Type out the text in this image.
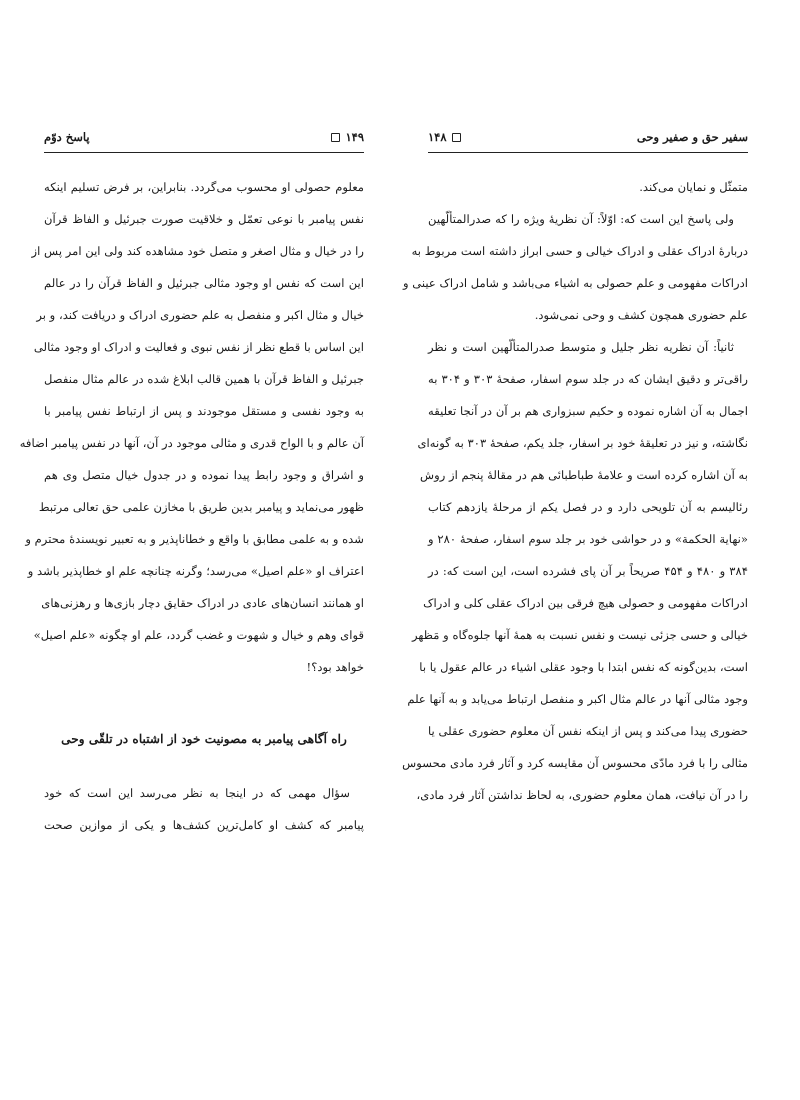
۱۴۸	سفیر حق و صفیر وحی
متمثّل و نمایان می‌کند.
ولی پاسخ این است که: اوّلاً: آن نظریهٔ ویژه را که صدرالمتألّهین
دربارهٔ ادراک عقلی و ادراک خیالی و حسی ابراز داشته است مربوط به
ادراکات مفهومی و علم حصولی به اشیاء می‌باشد و شامل ادراک عینی و
علم حضوری همچون کشف و وحی نمی‌شود.
ثانیاً: آن نظریه نظر جلیل و متوسط صدرالمتألّهین است و نظر
راقی‌تر و دقیق ایشان که در جلد سوم اسفار، صفحهٔ ۳۰۳ و ۳۰۴ به
اجمال به آن اشاره نموده و حکیم سبزواری هم بر آن در آنجا تعلیقه
نگاشته، و نیز در تعلیقهٔ خود بر اسفار، جلد یکم، صفحهٔ ۳۰۳ به گونه‌ای
به آن اشاره کرده است و علامهٔ طباطبائی هم در مقالهٔ پنجم از روش
رئالیسم به آن تلویحی دارد و در فصل یکم از مرحلهٔ یازدهم کتاب
«نهایة الحکمة» و در حواشی خود بر جلد سوم اسفار، صفحهٔ ۲۸۰ و
۳۸۴ و ۴۸۰ و ۴۵۴ صریحاً بر آن پای فشرده است، این است که: در
ادراکات مفهومی و حصولی هیچ فرقی بین ادراک عقلی کلی و ادراک
خیالی و حسی جزئی نیست و نفس نسبت به همهٔ آنها جلوه‌گاه و مَظهر
است، بدین‌گونه که نفس ابتدا با وجود عقلی اشیاء در عالم عقول یا با
وجود مثالی آنها در عالم مثال اکبر و منفصل ارتباط می‌یابد و به آنها علم
حضوری پیدا می‌کند و پس از اینکه نفس آن معلوم حضوری عقلی یا
مثالی را با فرد مادّی محسوس آن مقایسه کرد و آثار فرد مادی محسوس
را در آن نیافت، همان معلوم حضوری، به لحاظ نداشتن آثار فرد مادی،
۱۴۹
پاسخ دوّم
معلوم حصولی او محسوب می‌گردد. بنابراین، بر فرض تسلیم اینکه
نفس پیامبر با نوعی تعمّل و خلاقیت صورت جبرئیل و الفاظ قرآن
را در خیال و مثال اصغر و متصل خود مشاهده کند ولی این امر پس از
این است که نفس او وجود مثالی جبرئیل و الفاظ قرآن را در عالم
خیال و مثال اکبر و منفصل به علم حضوری ادراک و دریافت کند، و بر
این اساس با قطع نظر از نفس نبوی و فعالیت و ادراک او وجود مثالی
جبرئیل و الفاظ قرآن با همین قالب ابلاغ شده در عالم مثال منفصل
به وجود نفسی و مستقل موجودند و پس از ارتباط نفس پیامبر با
آن عالم و با الواح قدری و مثالی موجود در آن، آنها در نفس پیامبر اضافه
و اشراق و وجود رابط پیدا نموده و در جدول خیال متصل وی هم
ظهور می‌نماید و پیامبر بدین طریق با مخازن علمی حق تعالی مرتبط
شده و به علمی مطابق با واقع و خطاناپذیر و به تعبیر نویسندهٔ محترم و
اعتراف او «علم اصیل» می‌رسد؛ وگرنه چنانچه علم او خطاپذیر باشد و
او همانند انسان‌های عادی در ادراک حقایق دچار بازی‌ها و رهزنی‌های
قوای وهم و خیال و شهوت و غضب گردد، علم او چگونه «علم اصیل»
خواهد بود؟!
راه آگاهی پیامبر به مصونیت خود از اشتباه در تلقّی وحی
سؤال مهمی که در اینجا به نظر می‌رسد این است که خود
پیامبر که کشف او کامل‌ترین کشف‌ها و یکی از موازین صحت
